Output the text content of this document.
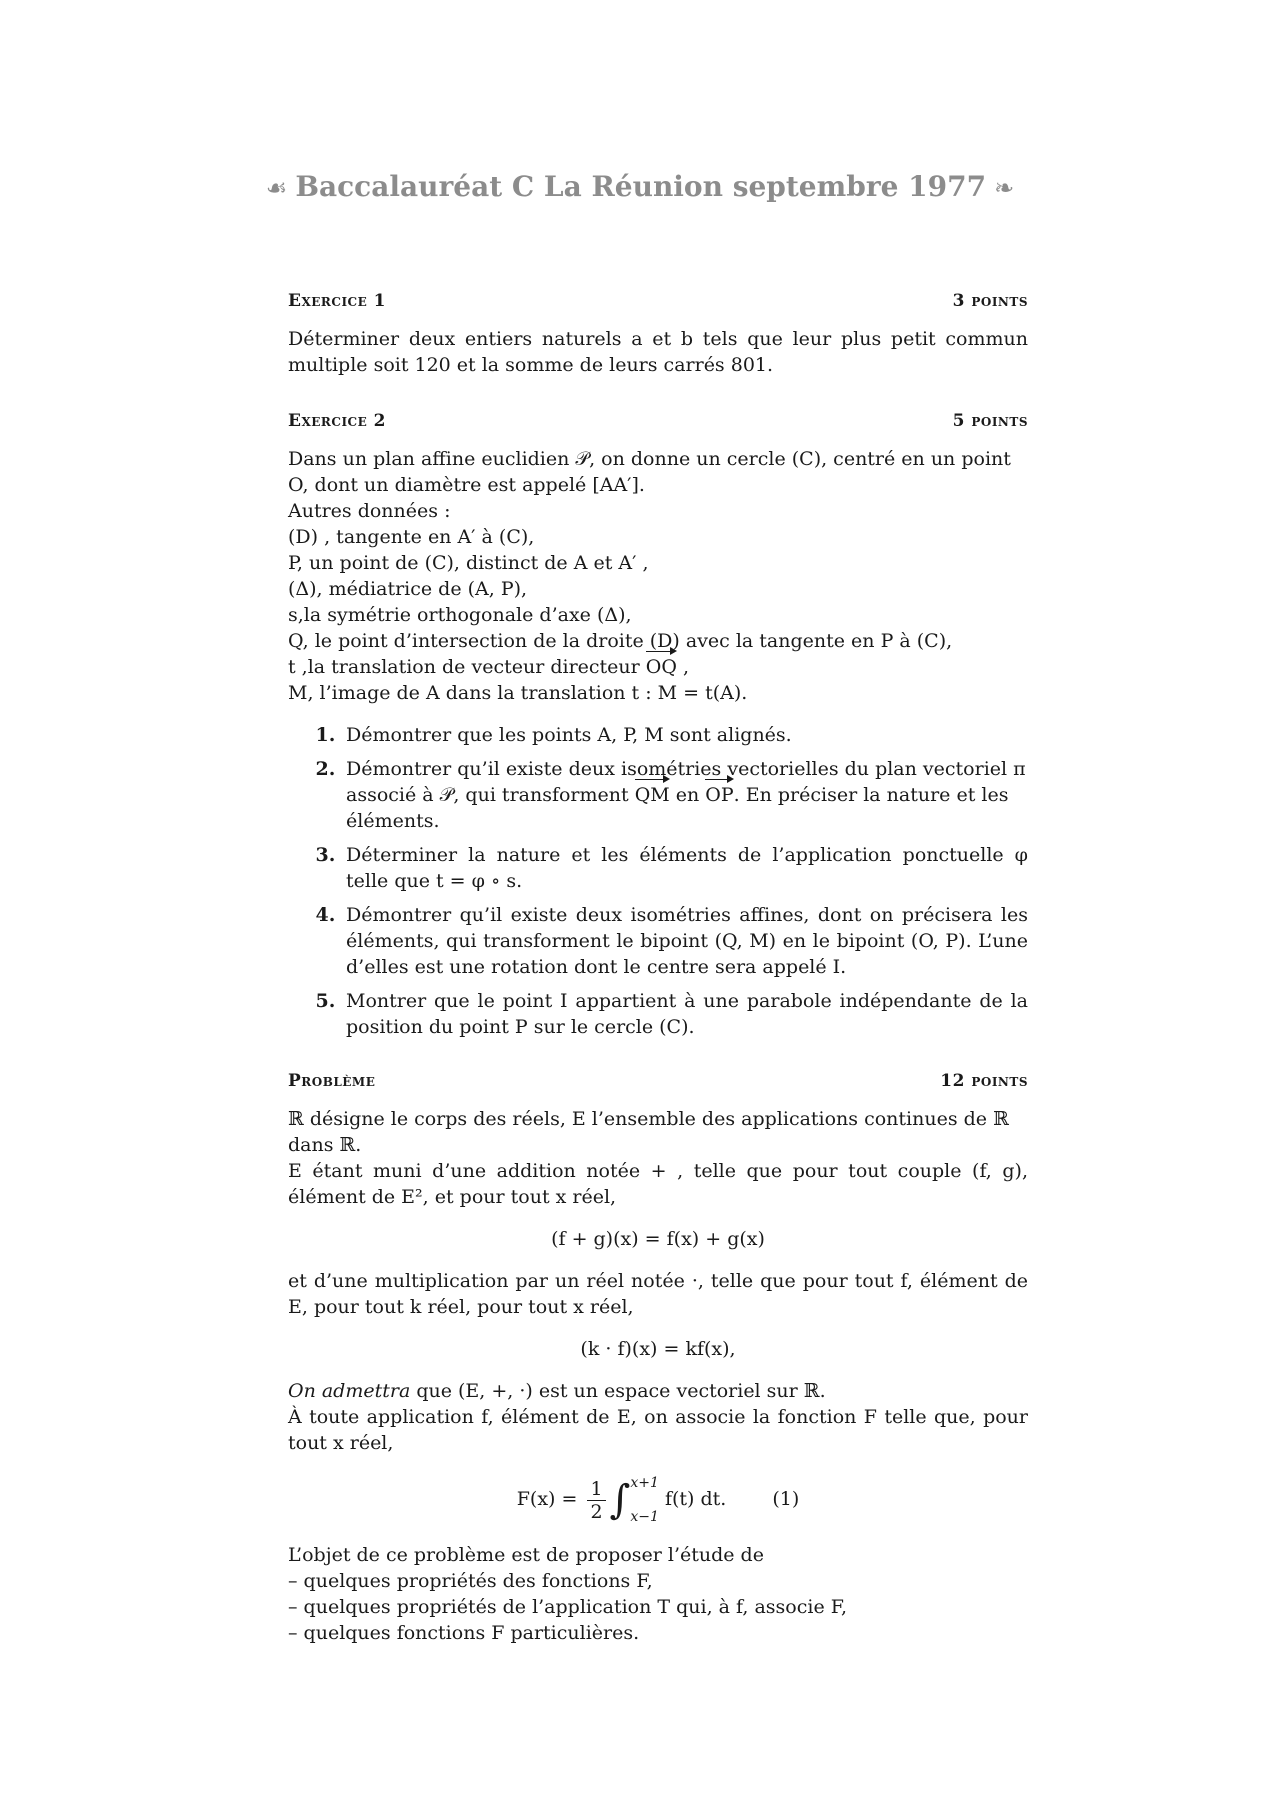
☙ Baccalauréat C La Réunion septembre 1977 ❧
Exercice 1	3 points

Déterminer deux entiers naturels a et b tels que leur plus petit commun multiple soit 120 et la somme de leurs carrés 801.

Exercice 2	5 points

Dans un plan affine euclidien 𝒫, on donne un cercle (C), centré en un point O, dont un diamètre est appelé [AA′].

Autres données :

(D) , tangente en A′ à (C),

P, un point de (C), distinct de A et A′ ,

(Δ), médiatrice de (A, P),

s,la symétrie orthogonale d’axe (Δ),

Q, le point d’intersection de la droite (D) avec la tangente en P à (C),

t ,la translation de vecteur directeur OQ ,

M, l’image de A dans la translation t : M = t(A).

1. Démontrer que les points A, P, M sont alignés.
2. Démontrer qu’il existe deux isométries vectorielles du plan vectoriel π associé à 𝒫, qui transforment QM en OP. En préciser la nature et les éléments.
3. Déterminer la nature et les éléments de l’application ponctuelle φ telle que t = φ ∘ s.
4. Démontrer qu’il existe deux isométries affines, dont on précisera les éléments, qui transforment le bipoint (Q, M) en le bipoint (O, P). L’une d’elles est une rotation dont le centre sera appelé I.
5. Montrer que le point I appartient à une parabole indépendante de la position du point P sur le cercle (C).
Problème	12 points

ℝ désigne le corps des réels, E l’ensemble des applications continues de ℝ dans ℝ.

E étant muni d’une addition notée + , telle que pour tout couple (f, g), élément de E², et pour tout x réel,

(f + g)(x) = f(x) + g(x)

et d’une multiplication par un réel notée ·, telle que pour tout f, élément de E, pour tout k réel, pour tout x réel,

(k · f)(x) = kf(x),

On admettra que (E, +, ·) est un espace vectoriel sur ℝ.

À toute application f, élément de E, on associe la fonction F telle que, pour tout x réel,

$F(x) = \frac{1}{2}$ ∫ x+1
x−1
f(t) dt. (1)

L’objet de ce problème est de proposer l’étude de

– quelques propriétés des fonctions F,
– quelques propriétés de l’application T qui, à f, associe F,
– quelques fonctions F particulières.
